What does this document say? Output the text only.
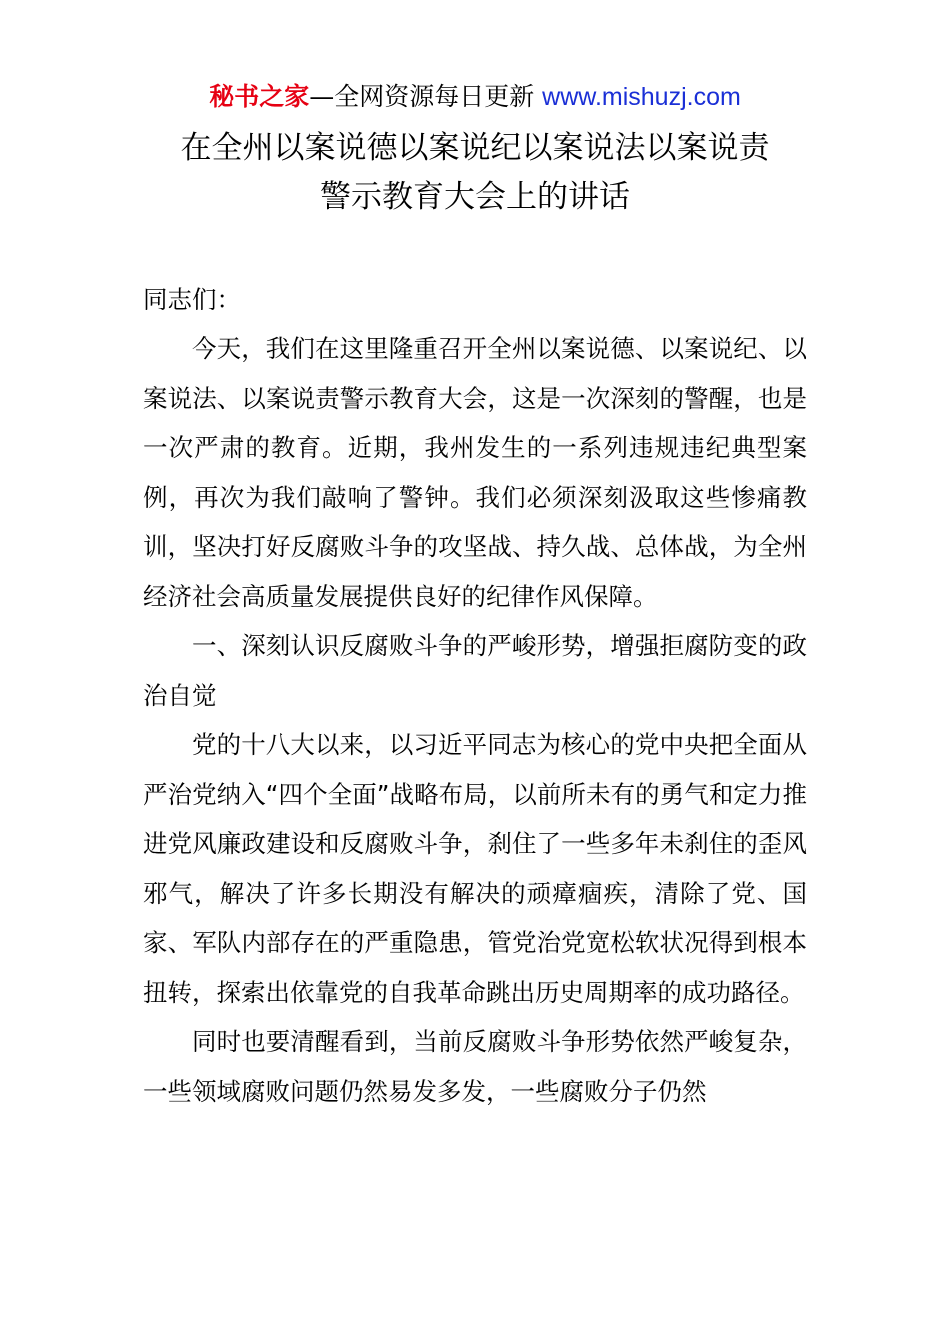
秘书之家—全网资源每日更新 www.mishuzj.com
在全州以案说德以案说纪以案说法以案说责
警示教育大会上的讲话
同志们：

今天，我们在这里隆重召开全州以案说德、以案说纪、以案说法、以案说责警示教育大会，这是一次深刻的警醒，也是一次严肃的教育。近期，我州发生的一系列违规违纪典型案例，再次为我们敲响了警钟。我们必须深刻汲取这些惨痛教训，坚决打好反腐败斗争的攻坚战、持久战、总体战，为全州经济社会高质量发展提供良好的纪律作风保障。

一、深刻认识反腐败斗争的严峻形势，增强拒腐防变的政治自觉

党的十八大以来，以习近平同志为核心的党中央把全面从严治党纳入“四个全面”战略布局，以前所未有的勇气和定力推进党风廉政建设和反腐败斗争，刹住了一些多年未刹住的歪风邪气，解决了许多长期没有解决的顽瘴痼疾，清除了党、国家、军队内部存在的严重隐患，管党治党宽松软状况得到根本扭转，探索出依靠党的自我革命跳出历史周期率的成功路径。

同时也要清醒看到，当前反腐败斗争形势依然严峻复杂，一些领域腐败问题仍然易发多发，一些腐败分子仍然
